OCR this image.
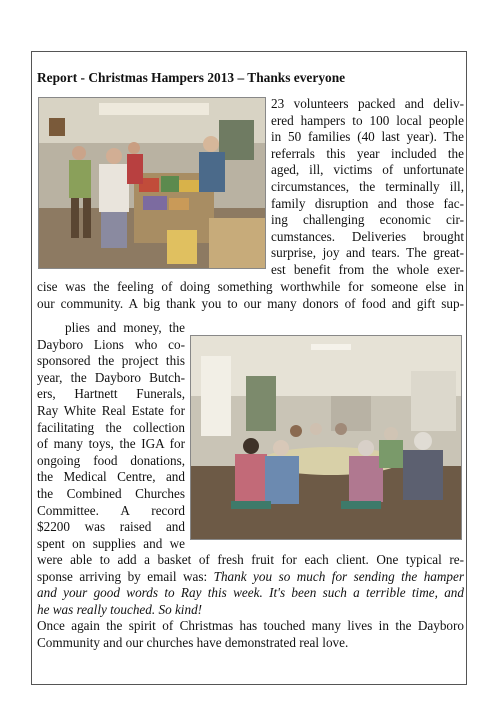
Report - Christmas Hampers 2013 – Thanks everyone
23 volunteers packed and deliv-
ered hampers to 100 local people
in 50 families (40 last year). The
referrals this year included the
aged, ill, victims of unfortunate
circumstances, the terminally ill,
family disruption and those fac-
ing challenging economic cir-
cumstances. Deliveries brought
surprise, joy and tears. The great-
est benefit from the whole exer-
cise was the feeling of doing something worthwhile for someone else in
our community. A big thank you to our many donors of food and gift sup-
plies and money, the
Dayboro Lions who co-
sponsored the project this
year, the Dayboro Butch-
ers, Hartnett Funerals,
Ray White Real Estate for
facilitating the collection
of many toys, the IGA for
ongoing food donations,
the Medical Centre, and
the Combined Churches
Committee. A record
$2200 was raised and
spent on supplies and we
were able to add a basket of fresh fruit for each client. One typical re-
sponse arriving by email was: Thank you so much for sending the hamper
and your good words to Ray this week. It's been such a terrible time, and
he was really touched. So kind!
Once again the spirit of Christmas has touched many lives in the Dayboro
Community and our churches have demonstrated real love.
